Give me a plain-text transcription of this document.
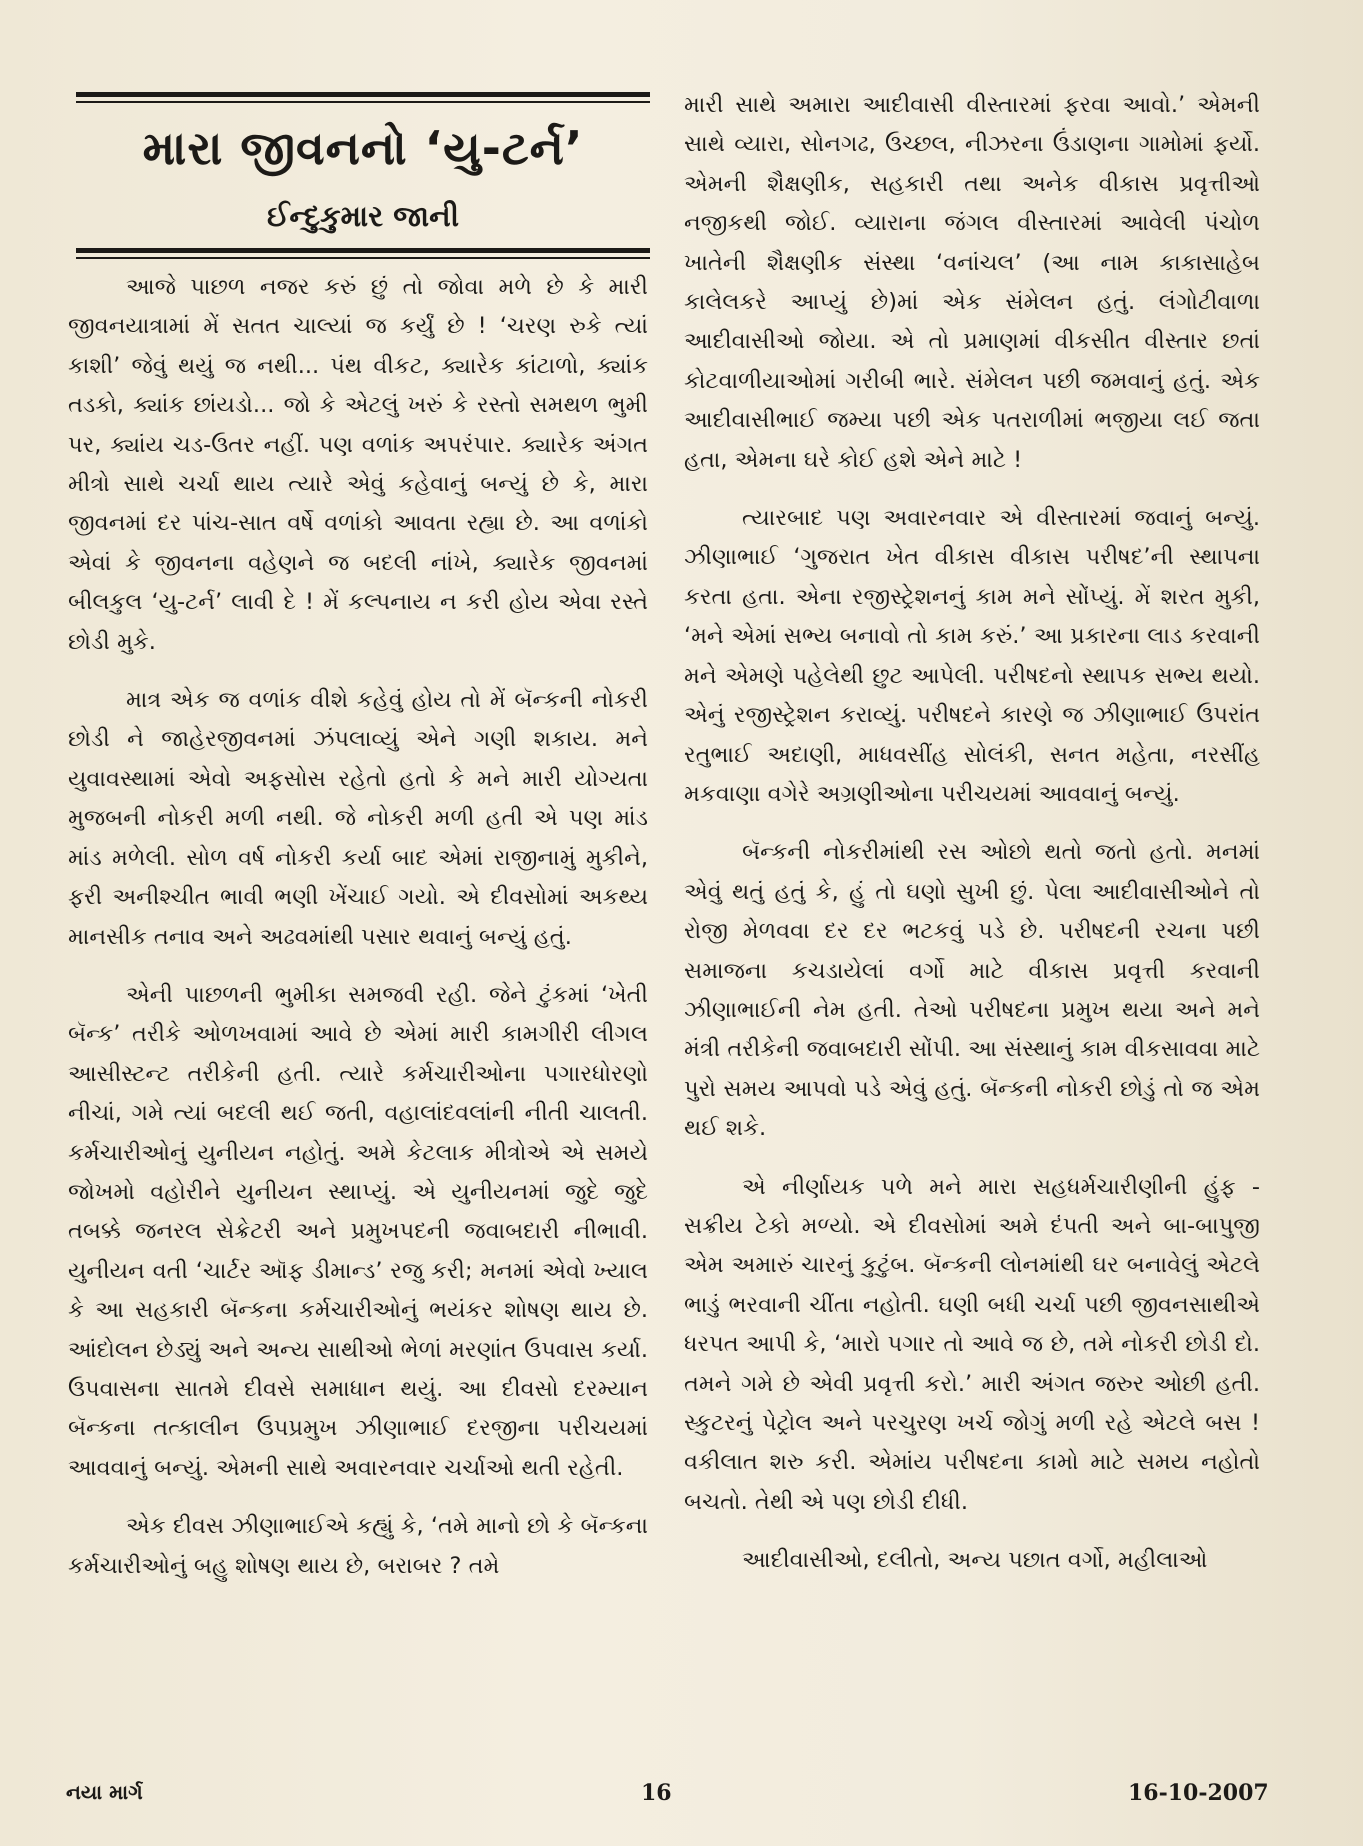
મારા જીવનનો ‘યુ-ટર્ન’
ઈન્દુકુમાર જાની

આજે પાછળ નજર કરું છું તો જોવા મળે છે કે મારી જીવનયાત્રામાં મેં સતત ચાલ્યાં જ કર્યું છે ! ‘ચરણ રુકે ત્યાં કાશી’ જેવું થયું જ નથી... પંથ વીકટ, ક્યારેક કાંટાળો, ક્યાંક તડકો, ક્યાંક છાંયડો... જો કે એટલું ખરું કે રસ્તો સમથળ ભુમી પર, ક્યાંય ચડ-ઉતર નહીં. પણ વળાંક અપરંપાર. ક્યારેક અંગત મીત્રો સાથે ચર્ચા થાય ત્યારે એવું કહેવાનું બન્યું છે કે, મારા જીવનમાં દર પાંચ-સાત વર્ષે વળાંકો આવતા રહ્યા છે. આ વળાંકો એવાં કે જીવનના વહેણને જ બદલી નાંખે, ક્યારેક જીવનમાં બીલકુલ ‘યુ-ટર્ન’ લાવી દે ! મેં કલ્પનાય ન કરી હોય એવા રસ્તે છોડી મુકે.

માત્ર એક જ વળાંક વીશે કહેવું હોય તો મેં બૅન્કની નોકરી છોડી ને જાહેરજીવનમાં ઝંપલાવ્યું એને ગણી શકાય. મને યુવાવસ્થામાં એવો અફસોસ રહેતો હતો કે મને મારી યોગ્યતા મુજબની નોકરી મળી નથી. જે નોકરી મળી હતી એ પણ માંડ માંડ મળેલી. સોળ વર્ષ નોકરી કર્યા બાદ એમાં રાજીનામું મુકીને, ફરી અનીશ્ચીત ભાવી ભણી ખેંચાઈ ગયો. એ દીવસોમાં અકથ્ય માનસીક તનાવ અને અઢવમાંથી પસાર થવાનું બન્યું હતું.

એની પાછળની ભુમીકા સમજવી રહી. જેને ટુંકમાં ‘ખેતી બૅન્ક’ તરીકે ઓળખવામાં આવે છે એમાં મારી કામગીરી લીગલ આસીસ્ટન્ટ તરીકેની હતી. ત્યારે કર્મચારીઓના પગારધોરણો નીચાં, ગમે ત્યાં બદલી થઈ જતી, વહાલાંદવલાંની નીતી ચાલતી. કર્મચારીઓનું યુનીયન નહોતું. અમે કેટલાક મીત્રોએ એ સમયે જોખમો વહોરીને યુનીયન સ્થાપ્યું. એ યુનીયનમાં જુદે જુદે તબક્કે જનરલ સેક્રેટરી અને પ્રમુખપદની જવાબદારી નીભાવી. યુનીયન વતી ‘ચાર્ટર ઑફ ડીમાન્ડ’ રજુ કરી; મનમાં એવો ખ્યાલ કે આ સહકારી બૅન્કના કર્મચારીઓનું ભયંકર શોષણ થાય છે. આંદોલન છેડ્યું અને અન્ય સાથીઓ ભેળાં મરણાંત ઉપવાસ કર્યા. ઉપવાસના સાતમે દીવસે સમાધાન થયું. આ દીવસો દરમ્યાન બૅન્કના તત્કાલીન ઉપપ્રમુખ ઝીણાભાઈ દરજીના પરીચયમાં આવવાનું બન્યું. એમની સાથે અવારનવાર ચર્ચાઓ થતી રહેતી.

એક દીવસ ઝીણાભાઈએ કહ્યું કે, ‘તમે માનો છો કે બૅન્કના કર્મચારીઓનું બહુ શોષણ થાય છે, બરાબર ? તમે

મારી સાથે અમારા આદીવાસી વીસ્તારમાં ફરવા આવો.’ એમની સાથે વ્યારા, સોનગઢ, ઉચ્છલ, નીઝરના ઉંડાણના ગામોમાં ફર્યો. એમની શૈક્ષણીક, સહકારી તથા અનેક વીકાસ પ્રવૃત્તીઓ નજીકથી જોઈ. વ્યારાના જંગલ વીસ્તારમાં આવેલી પંચોળ ખાતેની શૈક્ષણીક સંસ્થા ‘વનાંચલ’ (આ નામ કાકાસાહેબ કાલેલકરે આપ્યું છે)માં એક સંમેલન હતું. લંગોટીવાળા આદીવાસીઓ જોયા. એ તો પ્રમાણમાં વીકસીત વીસ્તાર છતાં કોટવાળીયાઓમાં ગરીબી ભારે. સંમેલન પછી જમવાનું હતું. એક આદીવાસીભાઈ જમ્યા પછી એક પતરાળીમાં ભજીયા લઈ જતા હતા, એમના ઘરે કોઈ હશે એને માટે !

ત્યારબાદ પણ અવારનવાર એ વીસ્તારમાં જવાનું બન્યું. ઝીણાભાઈ ‘ગુજરાત ખેત વીકાસ વીકાસ પરીષદ’ની સ્થાપના કરતા હતા. એના રજીસ્ટ્રેશનનું કામ મને સોંપ્યું. મેં શરત મુકી, ‘મને એમાં સભ્ય બનાવો તો કામ કરું.’ આ પ્રકારના લાડ કરવાની મને એમણે પહેલેથી છુટ આપેલી. પરીષદનો સ્થાપક સભ્ય થયો. એનું રજીસ્ટ્રેશન કરાવ્યું. પરીષદને કારણે જ ઝીણાભાઈ ઉપરાંત રતુભાઈ અદાણી, માધવસીંહ સોલંકી, સનત મહેતા, નરસીંહ મકવાણા વગેરે અગ્રણીઓના પરીચયમાં આવવાનું બન્યું.

બૅન્કની નોકરીમાંથી રસ ઓછો થતો જતો હતો. મનમાં એવું થતું હતું કે, હું તો ઘણો સુખી છું. પેલા આદીવાસીઓને તો રોજી મેળવવા દર દર ભટકવું પડે છે. પરીષદની રચના પછી સમાજના કચડાયેલાં વર્ગો માટે વીકાસ પ્રવૃત્તી કરવાની ઝીણાભાઈની નેમ હતી. તેઓ પરીષદના પ્રમુખ થયા અને મને મંત્રી તરીકેની જવાબદારી સોંપી. આ સંસ્થાનું કામ વીકસાવવા માટે પુરો સમય આપવો પડે એવું હતું. બૅન્કની નોકરી છોડું તો જ એમ થઈ શકે.

એ નીર્ણાયક પળે મને મારા સહધર્મચારીણીની હુંફ - સક્રીય ટેકો મળ્યો. એ દીવસોમાં અમે દંપતી અને બા-બાપુજી એમ અમારું ચારનું કુટુંબ. બૅન્કની લોનમાંથી ઘર બનાવેલું એટલે ભાડું ભરવાની ચીંતા નહોતી. ઘણી બધી ચર્ચા પછી જીવનસાથીએ ધરપત આપી કે, ‘મારો પગાર તો આવે જ છે, તમે નોકરી છોડી દો. તમને ગમે છે એવી પ્રવૃત્તી કરો.’ મારી અંગત જરુર ઓછી હતી. સ્કુટરનું પેટ્રોલ અને પરચુરણ ખર્ચ જોગું મળી રહે એટલે બસ ! વકીલાત શરુ કરી. એમાંય પરીષદના કામો માટે સમય નહોતો બચતો. તેથી એ પણ છોડી દીધી.

આદીવાસીઓ, દલીતો, અન્ય પછાત વર્ગો, મહીલાઓ

નયા માર્ગ	16	16-10-2007
